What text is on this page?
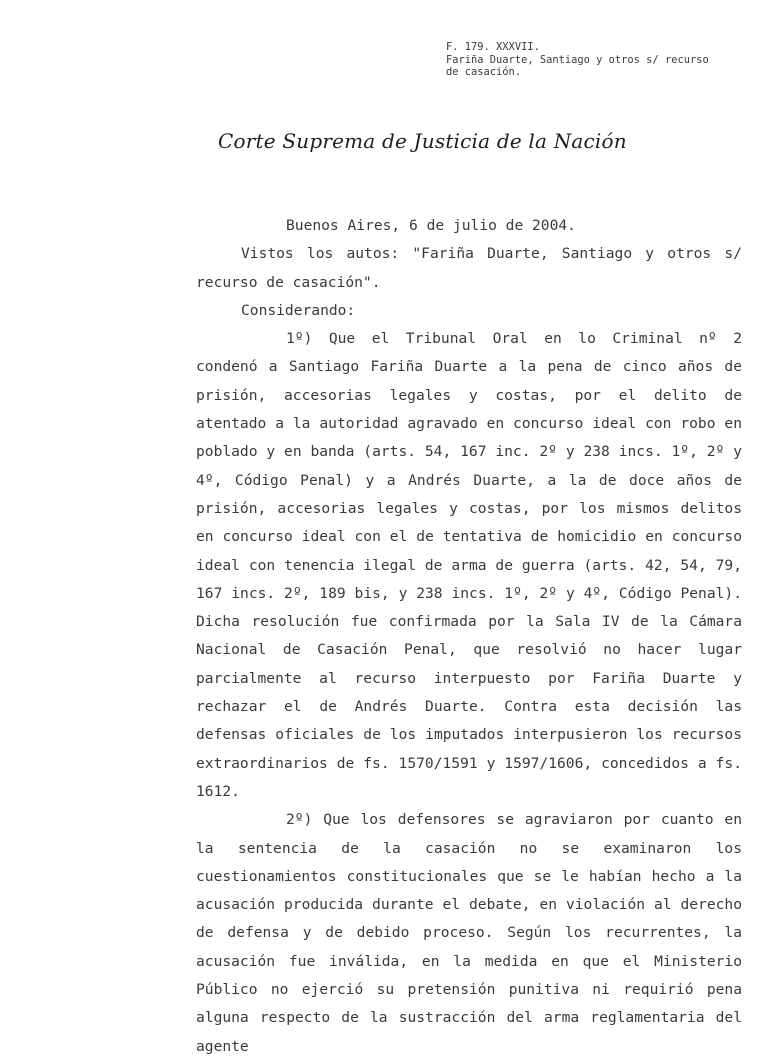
F. 179. XXXVII.
Fariña Duarte, Santiago y otros s/ recurso
de casación.
Corte Suprema de Justicia de la Nación

Buenos Aires, 6 de julio de 2004.

Vistos los autos: "Fariña Duarte, Santiago y otros s/ recurso de casación".

Considerando:

1º) Que el Tribunal Oral en lo Criminal nº 2 condenó a Santiago Fariña Duarte a la pena de cinco años de prisión, accesorias legales y costas, por el delito de atentado a la autoridad agravado en concurso ideal con robo en poblado y en banda (arts. 54, 167 inc. 2º y 238 incs. 1º, 2º y 4º, Código Penal) y a Andrés Duarte, a la de doce años de prisión, accesorias legales y costas, por los mismos delitos en concurso ideal con el de tentativa de homicidio en concurso ideal con tenencia ilegal de arma de guerra (arts. 42, 54, 79, 167 incs. 2º, 189 bis, y 238 incs. 1º, 2º y 4º, Código Penal). Dicha resolución fue confirmada por la Sala IV de la Cámara Nacional de Casación Penal, que resolvió no hacer lugar parcialmente al recurso interpuesto por Fariña Duarte y rechazar el de Andrés Duarte. Contra esta decisión las defensas oficiales de los imputados interpusieron los recursos extraordinarios de fs. 1570/1591 y 1597/1606, concedidos a fs. 1612.

2º) Que los defensores se agraviaron por cuanto en la sentencia de la casación no se examinaron los cuestionamientos constitucionales que se le habían hecho a la acusación producida durante el debate, en violación al derecho de defensa y de debido proceso. Según los recurrentes, la acusación fue inválida, en la medida en que el Ministerio Público no ejerció su pretensión punitiva ni requirió pena alguna respecto de la sustracción del arma reglamentaria del agente
